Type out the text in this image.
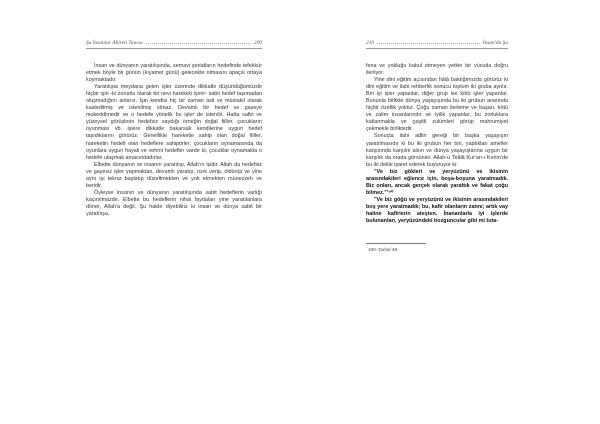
Şu İnsanlar Ahireti Tanısa	209

İnsan ve dünyanın yaratılışında, semavi şeriatların hedefinde tefekkür etmek böyle bir günün (kıyamet günü) gelecekte olmasını apaçık ortaya koymaktadır.

Yaratılışta meydana gelen işler üzerinde dikkatle düşündüğümüzde hiçbir işin -ki zorunlu olarak bir nevi hareketi içerir- sabit hedef taşımadan oluşmadığını anlarız. İşin kendisi hiç bir zaman asil ve müstakil olarak kastedilmiş ve istenilmiş olmaz. Devamlı bir hedef ve gayeye mukeddimedir ve o hedefe yönelik bu işler de istenilir. Hatta safiri ve yüzeysel görüşlerin hedefsiz saydığı örneğin doğal fiiller, çocukların oyunması vb. işlere dikkatle bakarsak kendilerine uygun hedef taşıdıklarını görürüz. Genellikle hareketle sahip olan doğal fiiller, hareketin hedefi olan hedeflere sahiptirler; çocukların oynamasında da oyunlara uygun hayali ve vehmi hedefler vardır ki, çocuklar oynamakla o hedefe ulaşmak amacındadırlar.

Elbette dünyanın ve insanın yaratılışı, Allah'ın işidir. Allah da hedefsiz ve gayesiz işler yapmaktan, devamlı yaratıp, rızık verip, öldürüp ve yine aynı işi tekrar başlatıp düzeltmekten ve yok etmekten münezzeh ve beridir.

Öyleyse insanın ve dünyanın yaratılışında sabit hedeflerin varlığı kaçınılmazdır. Elbette bu hedeflerin nihai faydaları yine yaratılanlara döner, Allah'a değil. Şu halde diyebiliriz ki insan ve dünya sabit bir yaratılışa,

210	İnsan'da Şu

fena ve yokluğu kabul etmeyen yetkin bir vücuda doğru ilerliyor.

Yine dini eğitim açısından hâlâ baktığımızda görürüz ki dini eğitim ve ilahi rehberlik sonucu toplum iki gruba ayrılır. Biri iyi işler yapanlar, diğer grup ise kötü işler yapanlar. Bununla birlikte dünya yaşayışında bu iki grubun arasında hiçbir özellik yoktur. Çoğu zaman ilerleme ve başarı, kötü ve zalim insanlarındır ve iyilik yapanlar, bu zorluklara katlanmakla ve çeşitli zulümleri görüp mahrumiyet çekmekle birliktedir.

Sonuçta ilahi adlin gereği bir başka yaşayışın yaratılmasıdır ki bu iki grubun her biri, yaptıkları ameller karşısında karşılık alsın ve dünya yaşayışlarına uygun bir karşılık da orada görsünler. Allah-u Teâlâ Kur'an-ı Kerim'de bu iki delile işaret ederek buyuruyor ki:

"Ve biz gökleri ve yeryüzünü ve ikisinin arasındakileri eğlence için, boşa-boşuna yaratmadık. Biz onları, ancak gerçek olarak yarattık ve fakat çoğu bilmez."¹⁹⁰

"Ve biz göğü ve yeryüzünü ve ikisinin arasındakileri boş yere yaratmadık; bu, kafir olanların zannı; artık vay haline kafirlerin ateşten. İnananlarla iyi işlerde bulunanları, yeryüzündeki bozguncular gibi mi tuta-

190- Duha/ 48.
